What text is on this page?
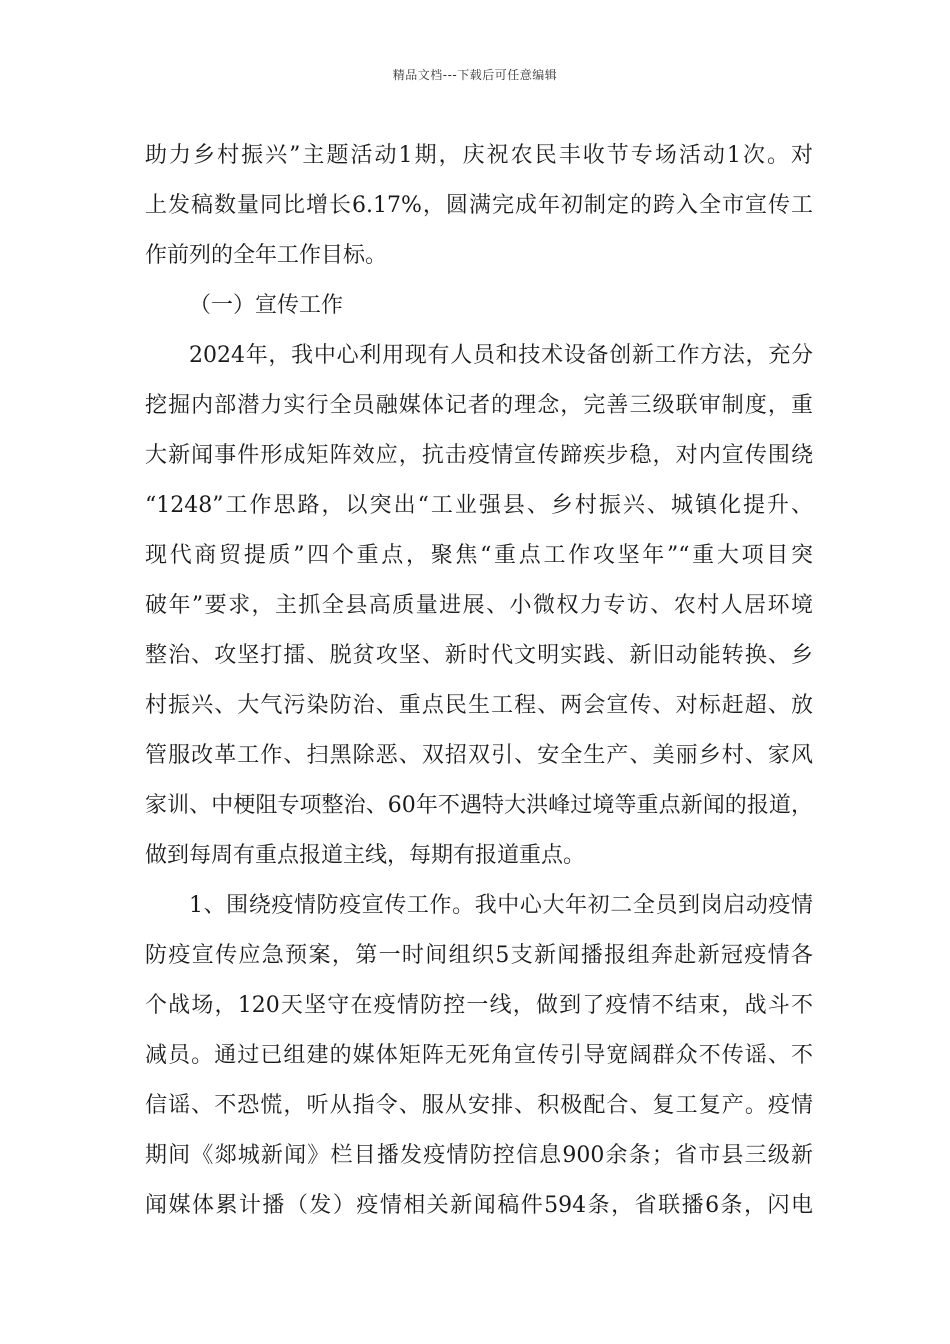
精品文档---下载后可任意编辑
助力乡村振兴”主题活动1期，庆祝农民丰收节专场活动1次。对
上发稿数量同比增长6.17%，圆满完成年初制定的跨入全市宣传工
作前列的全年工作目标。
（一）宣传工作
2024年，我中心利用现有人员和技术设备创新工作方法，充分
挖掘内部潜力实行全员融媒体记者的理念，完善三级联审制度，重
大新闻事件形成矩阵效应，抗击疫情宣传蹄疾步稳，对内宣传围绕
“1248”工作思路，以突出“工业强县、乡村振兴、城镇化提升、
现代商贸提质”四个重点，聚焦“重点工作攻坚年”“重大项目突
破年”要求，主抓全县高质量进展、小微权力专访、农村人居环境
整治、攻坚打擂、脱贫攻坚、新时代文明实践、新旧动能转换、乡
村振兴、大气污染防治、重点民生工程、两会宣传、对标赶超、放
管服改革工作、扫黑除恶、双招双引、安全生产、美丽乡村、家风
家训、中梗阻专项整治、60年不遇特大洪峰过境等重点新闻的报道，
做到每周有重点报道主线，每期有报道重点。
1、围绕疫情防疫宣传工作。我中心大年初二全员到岗启动疫情
防疫宣传应急预案，第一时间组织5支新闻播报组奔赴新冠疫情各
个战场，120天坚守在疫情防控一线，做到了疫情不结束，战斗不
减员。通过已组建的媒体矩阵无死角宣传引导宽阔群众不传谣、不
信谣、不恐慌，听从指令、服从安排、积极配合、复工复产。疫情
期间《郯城新闻》栏目播发疫情防控信息900余条；省市县三级新
闻媒体累计播（发）疫情相关新闻稿件594条，省联播6条，闪电
